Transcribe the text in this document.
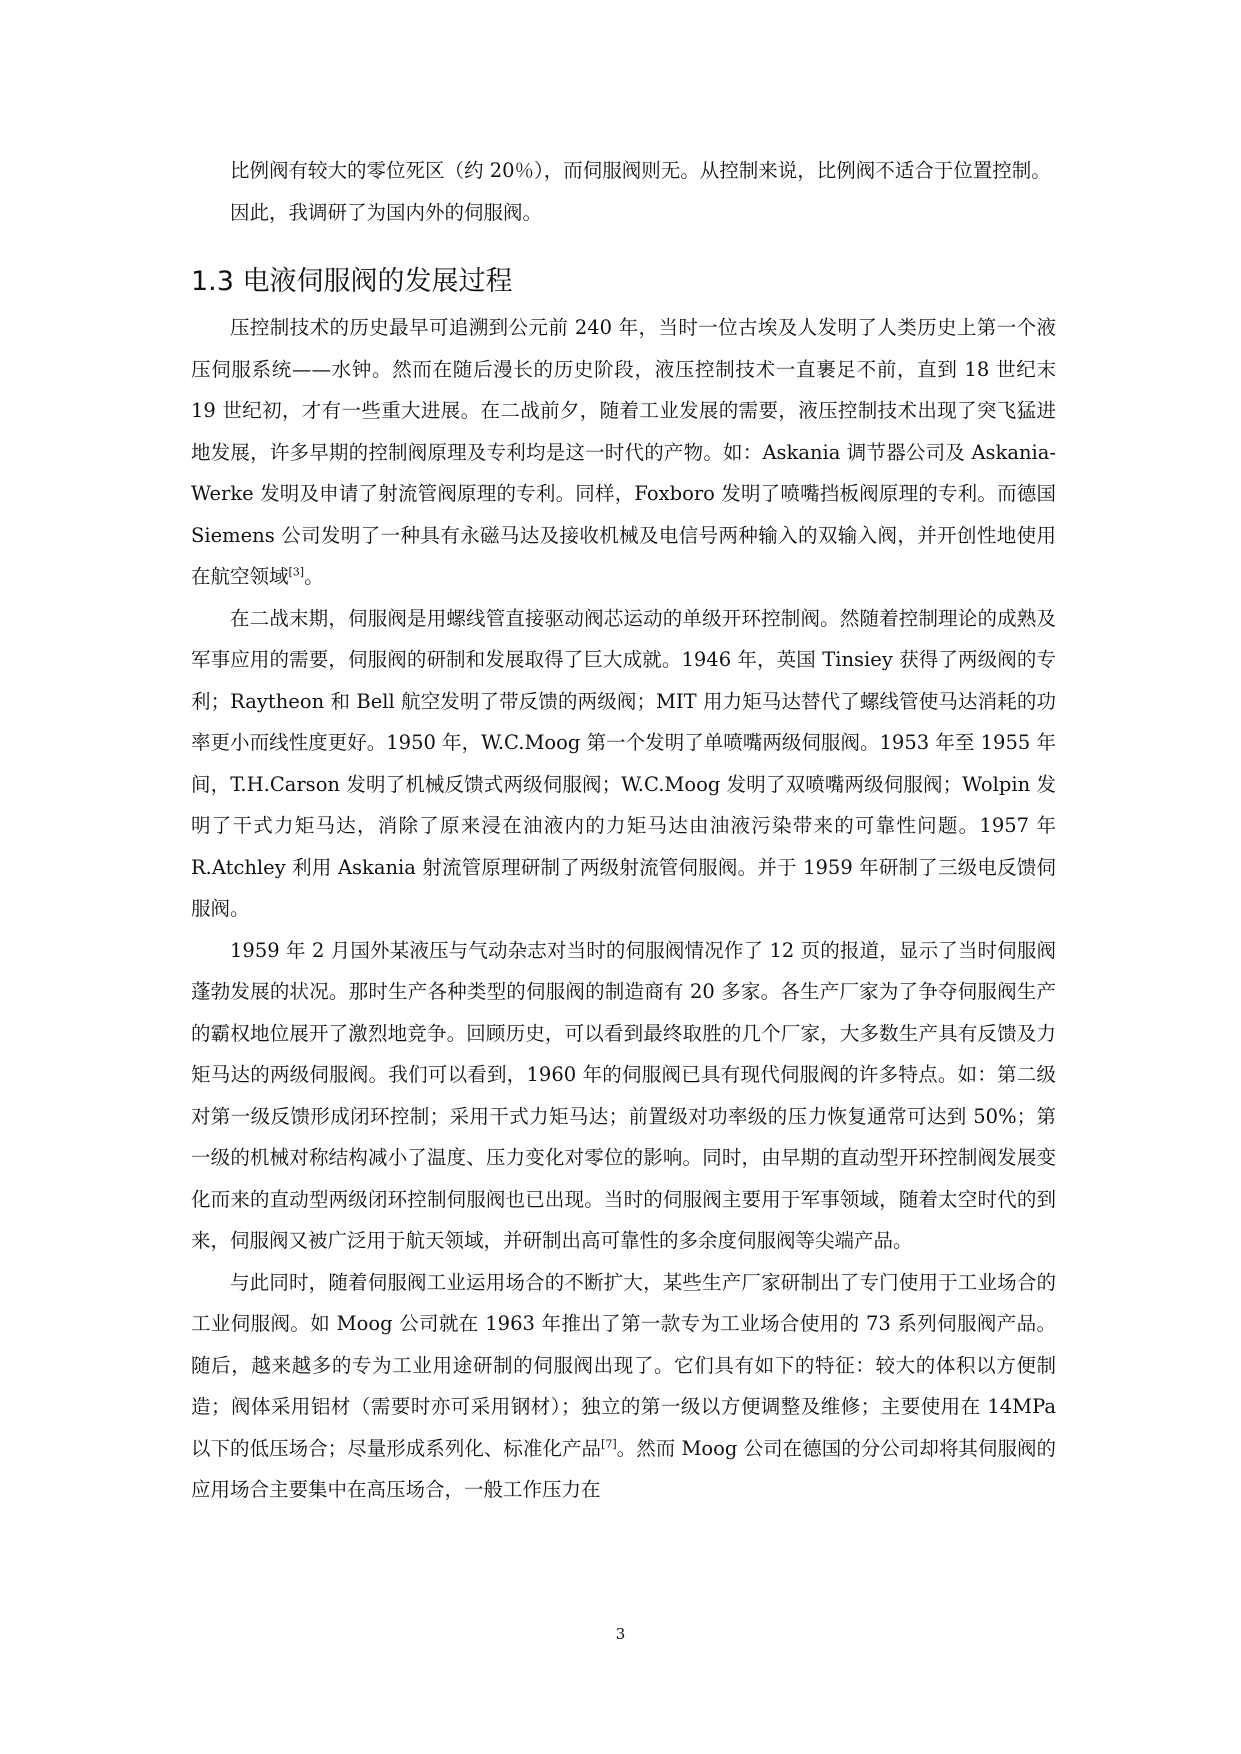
比例阀有较大的零位死区（约 20％），而伺服阀则无。从控制来说，比例阀不适合于位置控制。

因此，我调研了为国内外的伺服阀。

1.3 电液伺服阀的发展过程

压控制技术的历史最早可追溯到公元前 240 年，当时一位古埃及人发明了人类历史上第一个液压伺服系统——水钟。然而在随后漫长的历史阶段，液压控制技术一直裹足不前，直到 18 世纪末 19 世纪初，才有一些重大进展。在二战前夕，随着工业发展的需要，液压控制技术出现了突飞猛进地发展，许多早期的控制阀原理及专利均是这一时代的产物。如：Askania 调节器公司及 Askania-Werke 发明及申请了射流管阀原理的专利。同样，Foxboro 发明了喷嘴挡板阀原理的专利。而德国 Siemens 公司发明了一种具有永磁马达及接收机械及电信号两种输入的双输入阀，并开创性地使用在航空领域[3]。

在二战末期，伺服阀是用螺线管直接驱动阀芯运动的单级开环控制阀。然随着控制理论的成熟及军事应用的需要，伺服阀的研制和发展取得了巨大成就。1946 年，英国 Tinsiey 获得了两级阀的专利；Raytheon 和 Bell 航空发明了带反馈的两级阀；MIT 用力矩马达替代了螺线管使马达消耗的功率更小而线性度更好。1950 年，W.C.Moog 第一个发明了单喷嘴两级伺服阀。1953 年至 1955 年间，T.H.Carson 发明了机械反馈式两级伺服阀；W.C.Moog 发明了双喷嘴两级伺服阀；Wolpin 发明了干式力矩马达，消除了原来浸在油液内的力矩马达由油液污染带来的可靠性问题。1957 年 R.Atchley 利用 Askania 射流管原理研制了两级射流管伺服阀。并于 1959 年研制了三级电反馈伺服阀。

1959 年 2 月国外某液压与气动杂志对当时的伺服阀情况作了 12 页的报道，显示了当时伺服阀蓬勃发展的状况。那时生产各种类型的伺服阀的制造商有 20 多家。各生产厂家为了争夺伺服阀生产的霸权地位展开了激烈地竞争。回顾历史，可以看到最终取胜的几个厂家，大多数生产具有反馈及力矩马达的两级伺服阀。我们可以看到，1960 年的伺服阀已具有现代伺服阀的许多特点。如：第二级对第一级反馈形成闭环控制；采用干式力矩马达；前置级对功率级的压力恢复通常可达到 50%；第一级的机械对称结构减小了温度、压力变化对零位的影响。同时，由早期的直动型开环控制阀发展变化而来的直动型两级闭环控制伺服阀也已出现。当时的伺服阀主要用于军事领域，随着太空时代的到来，伺服阀又被广泛用于航天领域，并研制出高可靠性的多余度伺服阀等尖端产品。

与此同时，随着伺服阀工业运用场合的不断扩大，某些生产厂家研制出了专门使用于工业场合的工业伺服阀。如 Moog 公司就在 1963 年推出了第一款专为工业场合使用的 73 系列伺服阀产品。随后，越来越多的专为工业用途研制的伺服阀出现了。它们具有如下的特征：较大的体积以方便制造；阀体采用铝材（需要时亦可采用钢材）；独立的第一级以方便调整及维修；主要使用在 14MPa 以下的低压场合；尽量形成系列化、标准化产品[7]。然而 Moog 公司在德国的分公司却将其伺服阀的应用场合主要集中在高压场合，一般工作压力在

3
